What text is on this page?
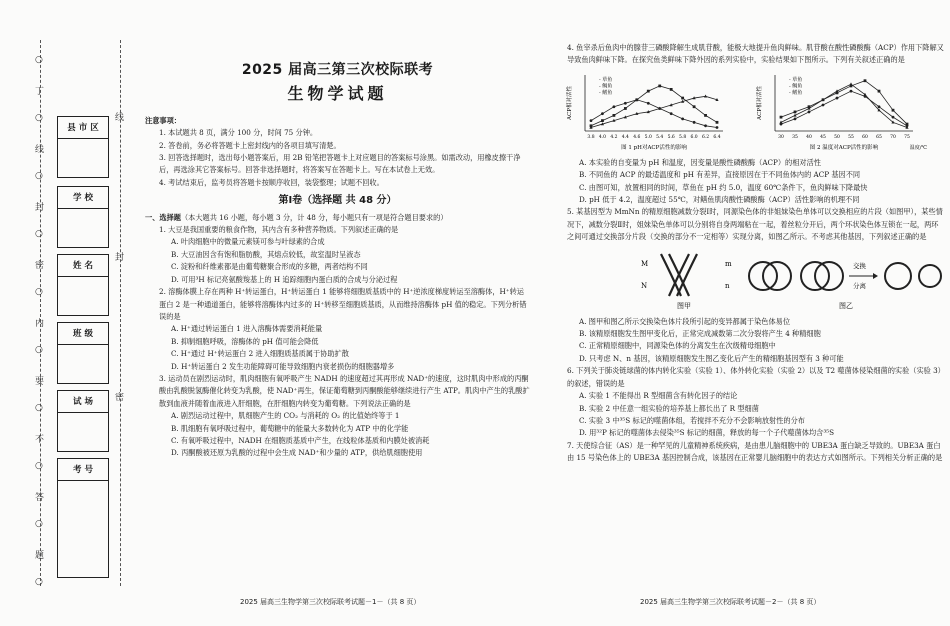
○
丁
○
线
○
封
○
密
○
内
○
要
○
不
○
答
○
题
○
线
封
密
县 市 区
学 校
姓 名
班 级
试 场
考 号
2025 届高三第三次校际联考
生物学试题
注意事项：
1. 本试题共 8 页，满分 100 分，时间 75 分钟。
2. 答卷前，务必将答题卡上密封线内的各项目填写清楚。
3. 回答选择题时，选出每小题答案后，用 2B 铅笔把答题卡上对应题目的答案标号涂黑。如需改动，用橡皮擦干净后，再选涂其它答案标号。回答非选择题时，将答案写在答题卡上。写在本试卷上无效。
4. 考试结束后，监考员将答题卡按顺序收回，装袋整理；试题不回收。
第Ⅰ卷（选择题 共 48 分）
一、选择题（本大题共 16 小题，每小题 3 分，计 48 分，每小题只有一项是符合题目要求的）
1. 大豆是我国重要的粮食作物，其内含有多种营养物质。下列叙述正确的是
A. 叶肉细胞中的微量元素镁可参与叶绿素的合成
B. 大豆油因含有饱和脂肪酸，其熔点较低，故室温时呈液态
C. 淀粉和纤维素都是由葡萄糖聚合形成的多糖，两者结构不同
D. 可用³H 标记亮氨酸羧基上的 H 追踪细胞内蛋白质的合成与分泌过程
2. 溶酶体膜上存在两种 H⁺转运蛋白，H⁺转运蛋白 1 能够将细胞质基质中的 H⁺逆浓度梯度转运至溶酶体，H⁺转运蛋白 2 是一种通道蛋白，能够将溶酶体内过多的 H⁺转移至细胞质基质，从而维持溶酶体 pH 值的稳定。下列分析错误的是
A. H⁺通过转运蛋白 1 进入溶酶体需要消耗能量
B. 抑制细胞呼吸，溶酶体的 pH 值可能会降低
C. H⁺通过 H⁺转运蛋白 2 进入细胞质基质属于协助扩散
D. H⁺转运蛋白 2 发生功能障碍可能导致细胞内衰老损伤的细胞器增多
3. 运动员在剧烈运动时，肌肉细胞有氧呼吸产生 NADH 的速度超过其再形成 NAD⁺的速度，这时肌肉中形成的丙酮酸由乳酸脱氢酶催化转变为乳酸，使 NAD⁺再生，保证葡萄糖到丙酮酸能够继续进行产生 ATP。肌肉中产生的乳酸扩散到血液并随着血液进入肝细胞，在肝细胞内转变为葡萄糖。下列说法正确的是
A. 剧烈运动过程中，肌细胞产生的 CO₂ 与消耗的 O₂ 的比值始终等于 1
B. 肌细胞有氧呼吸过程中，葡萄糖中的能量大多数转化为 ATP 中的化学能
C. 有氧呼吸过程中，NADH 在细胞质基质中产生，在线粒体基质和内膜处被消耗
D. 丙酮酸被还原为乳酸的过程中会生成 NAD⁺和少量的 ATP，供给肌细胞使用
2025 届高三生物学第三次校际联考试题－1－（共 8 页）
4. 鱼宰杀后鱼肉中的腺苷三磷酸降解生成肌苷酸，能极大地提升鱼肉鲜味。肌苷酸在酸性磷酸酶（ACP）作用下降解又导致鱼肉鲜味下降。在探究鱼类鲜味下降外因的系列实验中，实验结果如下图所示。下列有关叙述正确的是
ACP相对活性
3.8 4.0 4.2 4.4 4.6 5.0 5.4 5.6 5.8 6.0 6.2 6.4
- 草鱼
- 鲷鱼
- 鳝鱼
图 1 pH对ACP活性的影响
ACP相对活性
30 35 40 45 50 55 60 65 70 75
- 草鱼
- 鲷鱼
- 鳝鱼
图 2 温度对ACP活性的影响	温度/℃
A. 本实验的自变量为 pH 和温度，因变量是酸性磷酸酶（ACP）的相对活性
B. 不同鱼的 ACP 的最适温度和 pH 有差异，直接原因在于不同鱼体内的 ACP 基因不同
C. 由图可知，放置相同的时间，草鱼在 pH 约 5.0，温度 60℃条件下，鱼肉鲜味下降最快
D. pH 低于 4.2，温度超过 55℃，对鳝鱼肌肉酸性磷酸酶（ACP）活性影响的机理不同
5. 某基因型为 MmNn 的精原细胞减数分裂Ⅰ时，同源染色体的非姐妹染色单体可以交换相应的片段（如图甲），某些情况下，减数分裂Ⅱ时，姐妹染色单体可以分别将自身两端粘在一起，着丝粒分开后，两个环状染色体互锁在一起，两环之间可通过交换部分片段（交换的部分不一定相等）实现分离，如图乙所示。不考虑其他基因，下列叙述正确的是
M
N
m
n
图甲
交换
分离
图乙
A. 图甲和图乙所示交换染色体片段所引起的变异都属于染色体易位
B. 该精原细胞发生图甲变化后，正常完成减数第二次分裂将产生 4 种精细胞
C. 正常精原细胞中，同源染色体的分离发生在次级精母细胞中
D. 只考虑 N、n 基因，该精原细胞发生图乙变化后产生的精细胞基因型有 3 种可能
6. 下列关于肺炎链球菌的体内转化实验（实验 1）、体外转化实验（实验 2）以及 T2 噬菌体侵染细菌的实验（实验 3）的叙述，错误的是
A. 实验 1 不能得出 R 型细菌含有转化因子的结论
B. 实验 2 中任意一组实验的培养基上都长出了 R 型细菌
C. 实验 3 中³⁵S 标记的噬菌体组，若搅拌不充分不会影响放射性的分布
D. 用³²P 标记的噬菌体去侵染³⁵S 标记的细菌，释放的每一个子代噬菌体均含³⁵S
7. 天使综合征（AS）是一种罕见的儿童精神系统疾病，是由患儿脑细胞中的 UBE3A 蛋白缺乏导致的。UBE3A 蛋白由 15 号染色体上的 UBE3A 基因控制合成，该基因在正常婴儿脑细胞中的表达方式如图所示。下列相关分析正确的是
2025 届高三生物学第三次校际联考试题－2－（共 8 页）
